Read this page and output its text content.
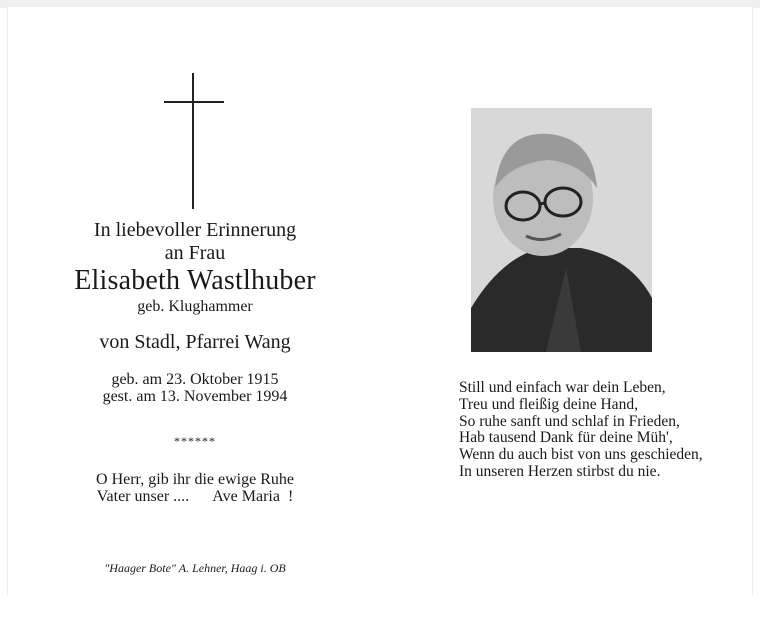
In liebevoller Erinnerung
an Frau
Elisabeth Wastlhuber
geb. Klughammer
von Stadl, Pfarrei Wang
geb. am 23. Oktober 1915
gest. am 13. November 1994
******
O Herr, gib ihr die ewige Ruhe
Vater unser ....      Ave Maria  !
"Haager Bote" A. Lehner, Haag i. OB
Still und einfach war dein Leben,
Treu und fleißig deine Hand,
So ruhe sanft und schlaf in Frieden,
Hab tausend Dank für deine Müh',
Wenn du auch bist von uns geschieden,
In unseren Herzen stirbst du nie.
